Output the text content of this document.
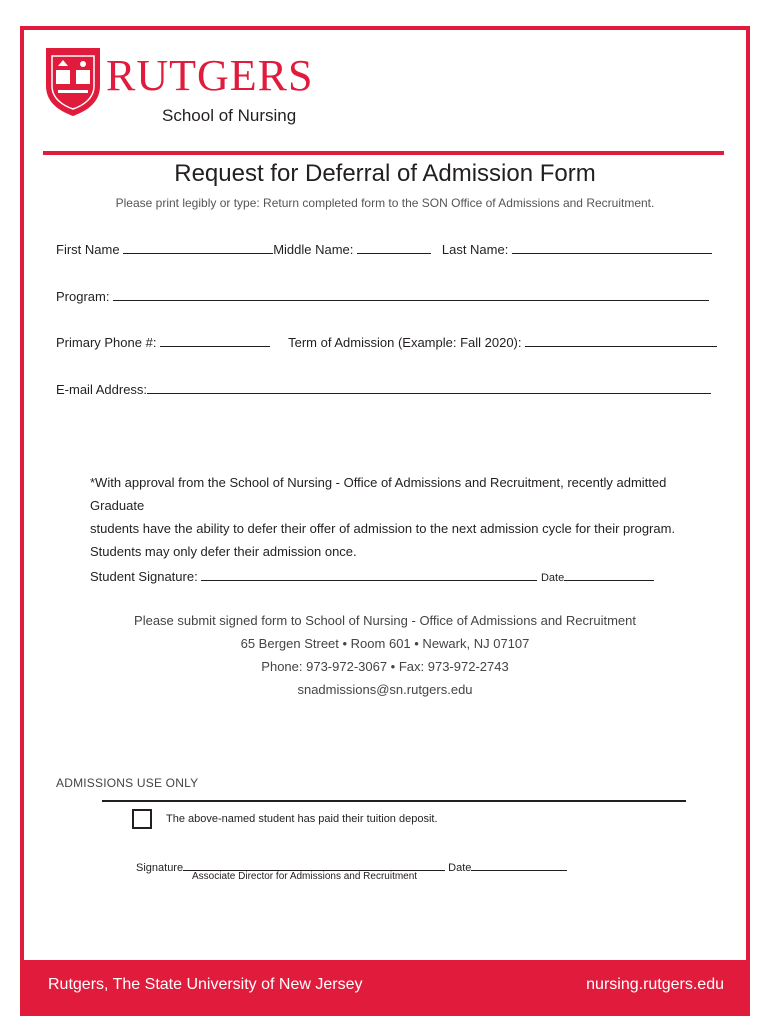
RUTGERS
School of Nursing
Request for Deferral of Admission Form
Please print legibly or type: Return completed form to the SON Office of Admissions and Recruitment.
First Name	Middle Name:	Last Name:
Program:
Primary Phone #:	Term of Admission (Example: Fall 2020):
E-mail Address:
*With approval from the School of Nursing - Office of Admissions and Recruitment, recently admitted Graduate
students have the ability to defer their offer of admission to the next admission cycle for their program.
Students may only defer their admission once.
Student Signature:	Date
Please submit signed form to School of Nursing - Office of Admissions and Recruitment
65 Bergen Street • Room 601 • Newark, NJ 07107
Phone: 973-972-3067 • Fax: 973-972-2743
snadmissions@sn.rutgers.edu
ADMISSIONS USE ONLY
The above-named student has paid their tuition deposit.
Signature	Date
Associate Director for Admissions and Recruitment
Rutgers, The State University of New Jersey	nursing.rutgers.edu
